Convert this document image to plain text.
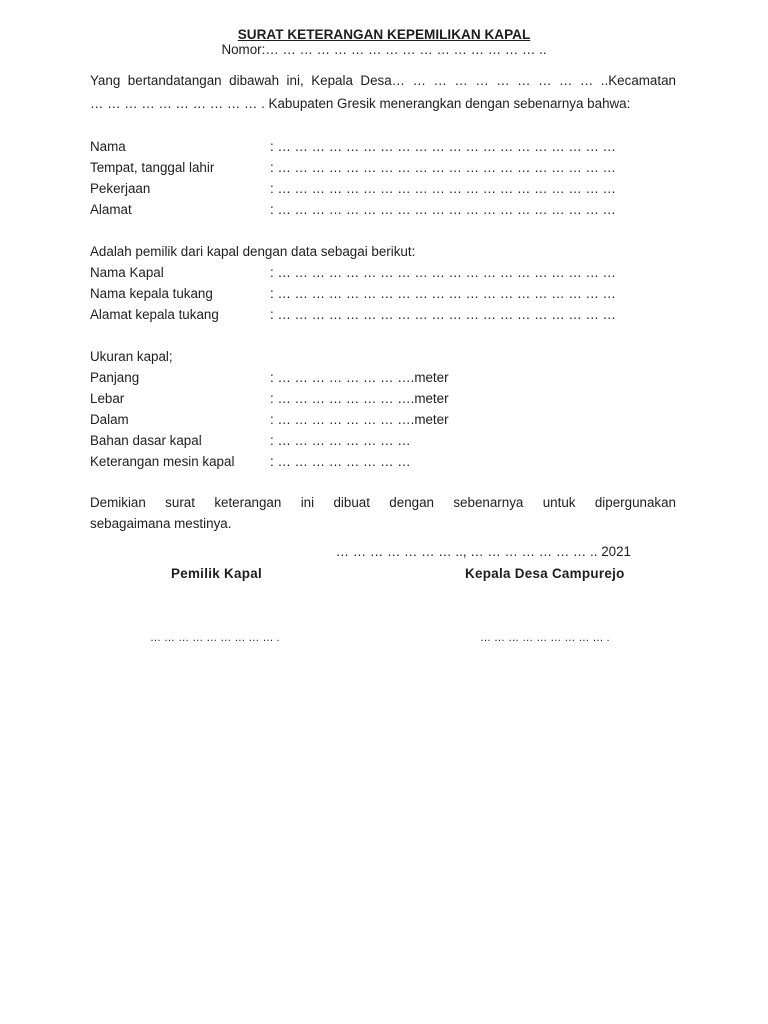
SURAT KETERANGAN KEPEMILIKAN KAPAL
Nomor:… … … … … … … … … … … … … … … … ..
Yang bertandatangan dibawah ini, Kepala Desa… … … … … … … … … … ..Kecamatan
… … … … … … … … … … . Kabupaten Gresik menerangkan dengan sebenarnya bahwa:
Nama	: … … … … … … … … … … … … … … … … … … … …
Tempat, tanggal lahir	: … … … … … … … … … … … … … … … … … … … …
Pekerjaan	: … … … … … … … … … … … … … … … … … … … …
Alamat	: … … … … … … … … … … … … … … … … … … … …
Adalah pemilik dari kapal dengan data sebagai berikut:
Nama Kapal	: … … … … … … … … … … … … … … … … … … … …
Nama kepala tukang	: … … … … … … … … … … … … … … … … … … … …
Alamat kepala tukang	: … … … … … … … … … … … … … … … … … … … …
Ukuran kapal;
Panjang	: … … … … … … … ….meter
Lebar	: … … … … … … … ….meter
Dalam	: … … … … … … … ….meter
Bahan dasar kapal	: … … … … … … … …
Keterangan mesin kapal	: … … … … … … … …
Demikian surat keterangan ini dibuat dengan sebenarnya untuk dipergunakan
sebagaimana mestinya.
… … … … … … … .., … … … … … … … .. 2021
Pemilik Kapal	Kepala Desa Campurejo
… … … … … … … … … .	… … … … … … … … … .
